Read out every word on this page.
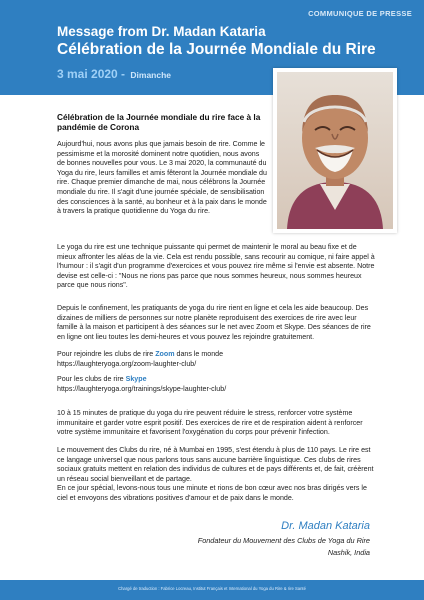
COMMUNIQUE DE PRESSE
Message from Dr. Madan Kataria
Célébration de la Journée Mondiale du Rire
3 mai 2020 - Dimanche
Célébration de la Journée mondiale du rire face à la pandémie de Corona

Aujourd'hui, nous avons plus que jamais besoin de rire. Comme le pessimisme et la morosité dominent notre quotidien, nous avons de bonnes nouvelles pour vous. Le 3 mai 2020, la communauté du Yoga du rire, leurs familles et amis fêteront la Journée mondiale du rire. Chaque premier dimanche de mai, nous célébrons la Journée mondiale du rire. Il s'agit d'une journée spéciale, de sensibilisation des consciences à la santé, au bonheur et à la paix dans le monde à travers la pratique quotidienne du Yoga du rire.

Le yoga du rire est une technique puissante qui permet de maintenir le moral au beau fixe et de mieux affronter les aléas de la vie. Cela est rendu possible, sans recourir au comique, ni faire appel à l'humour : il s'agit d'un programme d'exercices et vous pouvez rire même si l'envie est absente. Notre devise est celle-ci : "Nous ne rions pas parce que nous sommes heureux, nous sommes heureux parce que nous rions".

Depuis le confinement, les pratiquants de yoga du rire rient en ligne et cela les aide beaucoup. Des dizaines de milliers de personnes sur notre planète reproduisent des exercices de rire avec leur famille à la maison et participent à des séances sur le net avec Zoom et Skype. Des séances de rire en ligne ont lieu toutes les demi-heures et vous pouvez les rejoindre gratuitement.

Pour rejoindre les clubs de rire Zoom dans le monde
https://laughteryoga.org/zoom-laughter-club/

Pour les clubs de rire Skype
https://laughteryoga.org/trainings/skype-laughter-club/

10 à 15 minutes de pratique du yoga du rire peuvent réduire le stress, renforcer votre système immunitaire et garder votre esprit positif. Des exercices de rire et de respiration aident à renforcer votre système immunitaire et favorisent l'oxygénation du corps pour prévenir l'infection.

Le mouvement des Clubs du rire, né à Mumbai en 1995, s'est étendu à plus de 110 pays. Le rire est ce langage universel que nous parlons tous sans aucune barrière linguistique. Ces clubs de rires sociaux gratuits mettent en relation des individus de cultures et de pays différents et, de fait, créèrent un réseau social bienveillant et de partage.
En ce jour spécial, levons-nous tous une minute et rions de bon cœur avec nos bras dirigés vers le ciel et envoyons des vibrations positives d'amour et de paix dans le monde.

Dr. Madan Kataria
Fondateur du Mouvement des Clubs de Yoga du Rire
Nashik, India
Chargé de traduction : Fabrice Locreau, Institut Français et International du Yoga du Rire & rire Santé
